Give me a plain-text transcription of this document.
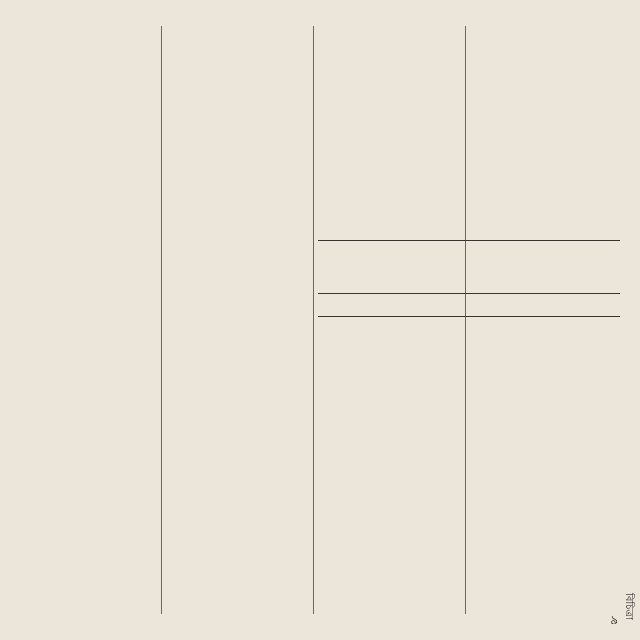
৯ বিচিত্রা
